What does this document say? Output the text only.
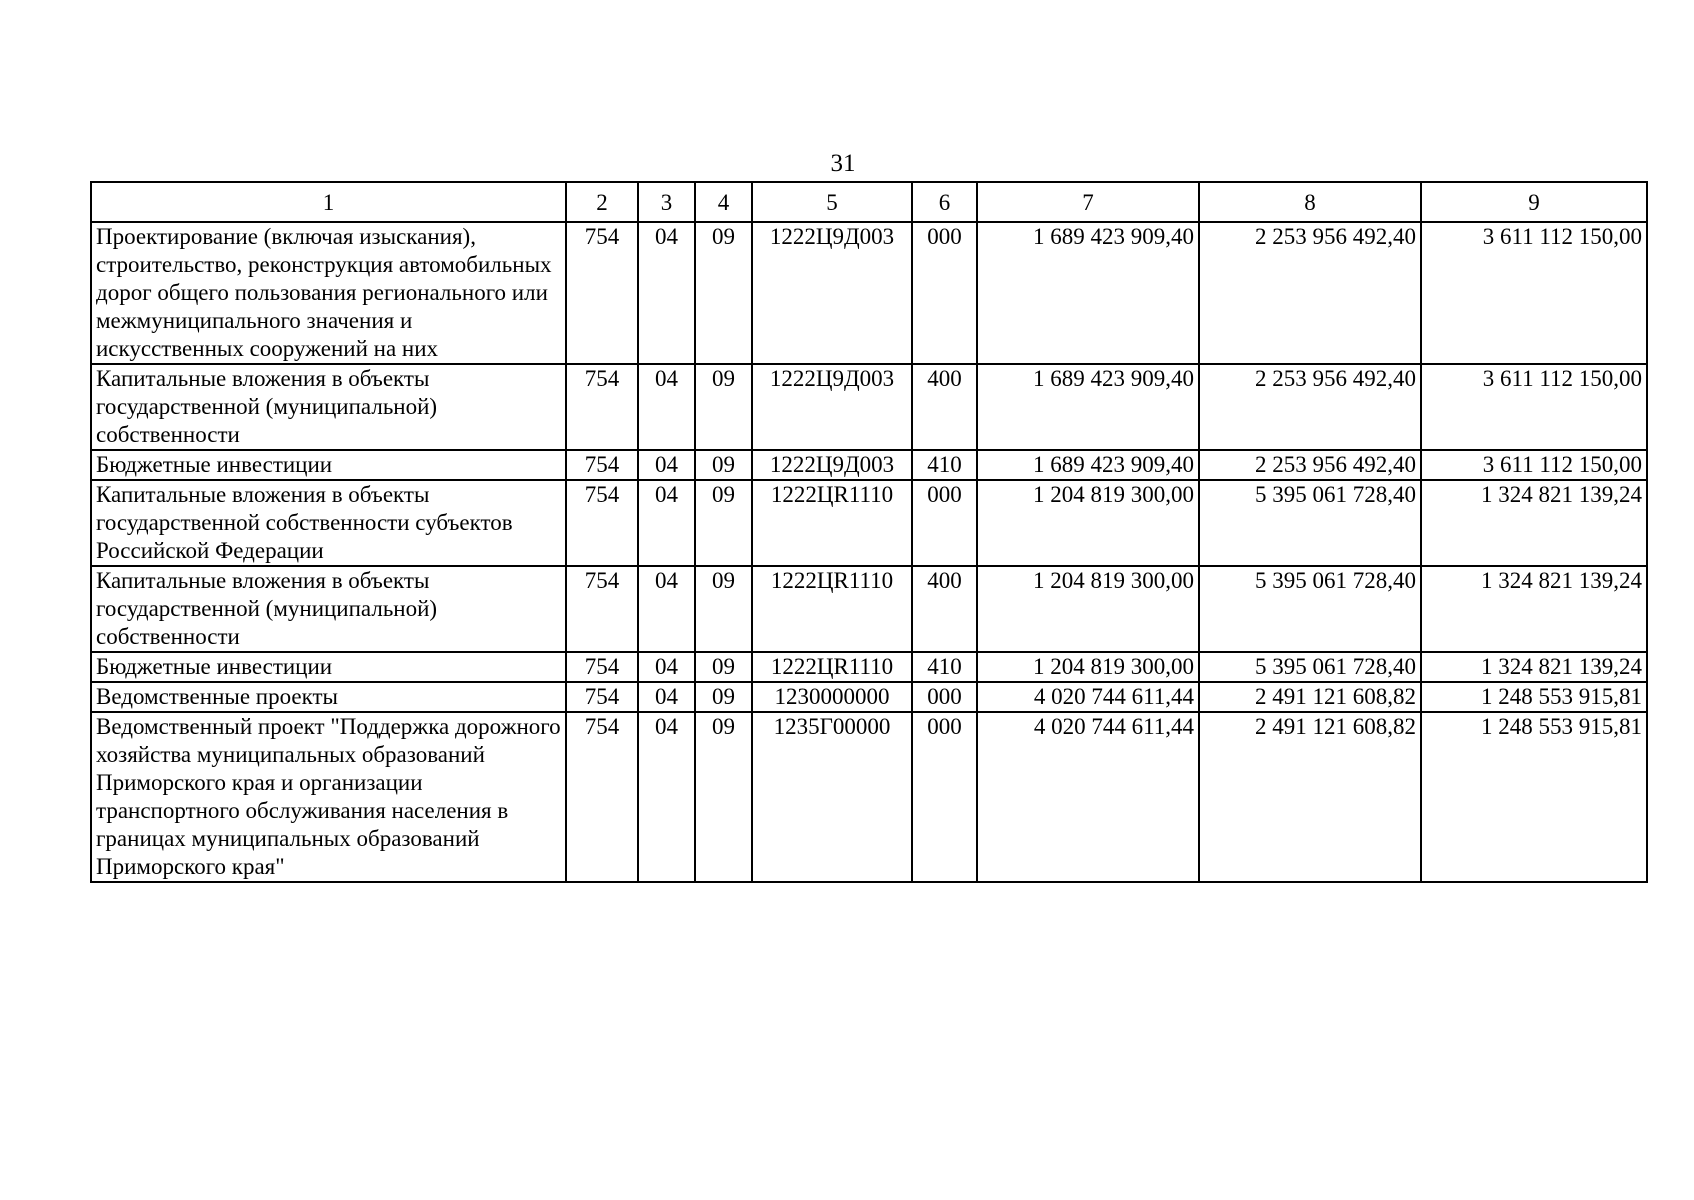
31
1	2	3	4	5	6	7	8	9
Проектирование (включая изыскания), строительство, реконструкция автомобильных дорог общего пользования регионального или межмуниципального значения и искусственных сооружений на них	754	04	09	1222Ц9Д003	000	1 689 423 909,40	2 253 956 492,40	3 611 112 150,00
Капитальные вложения в объекты государственной (муниципальной) собственности	754	04	09	1222Ц9Д003	400	1 689 423 909,40	2 253 956 492,40	3 611 112 150,00
Бюджетные инвестиции	754	04	09	1222Ц9Д003	410	1 689 423 909,40	2 253 956 492,40	3 611 112 150,00
Капитальные вложения в объекты государственной собственности субъектов Российской Федерации	754	04	09	1222ЦR1110	000	1 204 819 300,00	5 395 061 728,40	1 324 821 139,24
Капитальные вложения в объекты государственной (муниципальной) собственности	754	04	09	1222ЦR1110	400	1 204 819 300,00	5 395 061 728,40	1 324 821 139,24
Бюджетные инвестиции	754	04	09	1222ЦR1110	410	1 204 819 300,00	5 395 061 728,40	1 324 821 139,24
Ведомственные проекты	754	04	09	1230000000	000	4 020 744 611,44	2 491 121 608,82	1 248 553 915,81
Ведомственный проект "Поддержка дорожного хозяйства муниципальных образований Приморского края и организации транспортного обслуживания населения в границах муниципальных образований Приморского края"	754	04	09	1235Г00000	000	4 020 744 611,44	2 491 121 608,82	1 248 553 915,81
